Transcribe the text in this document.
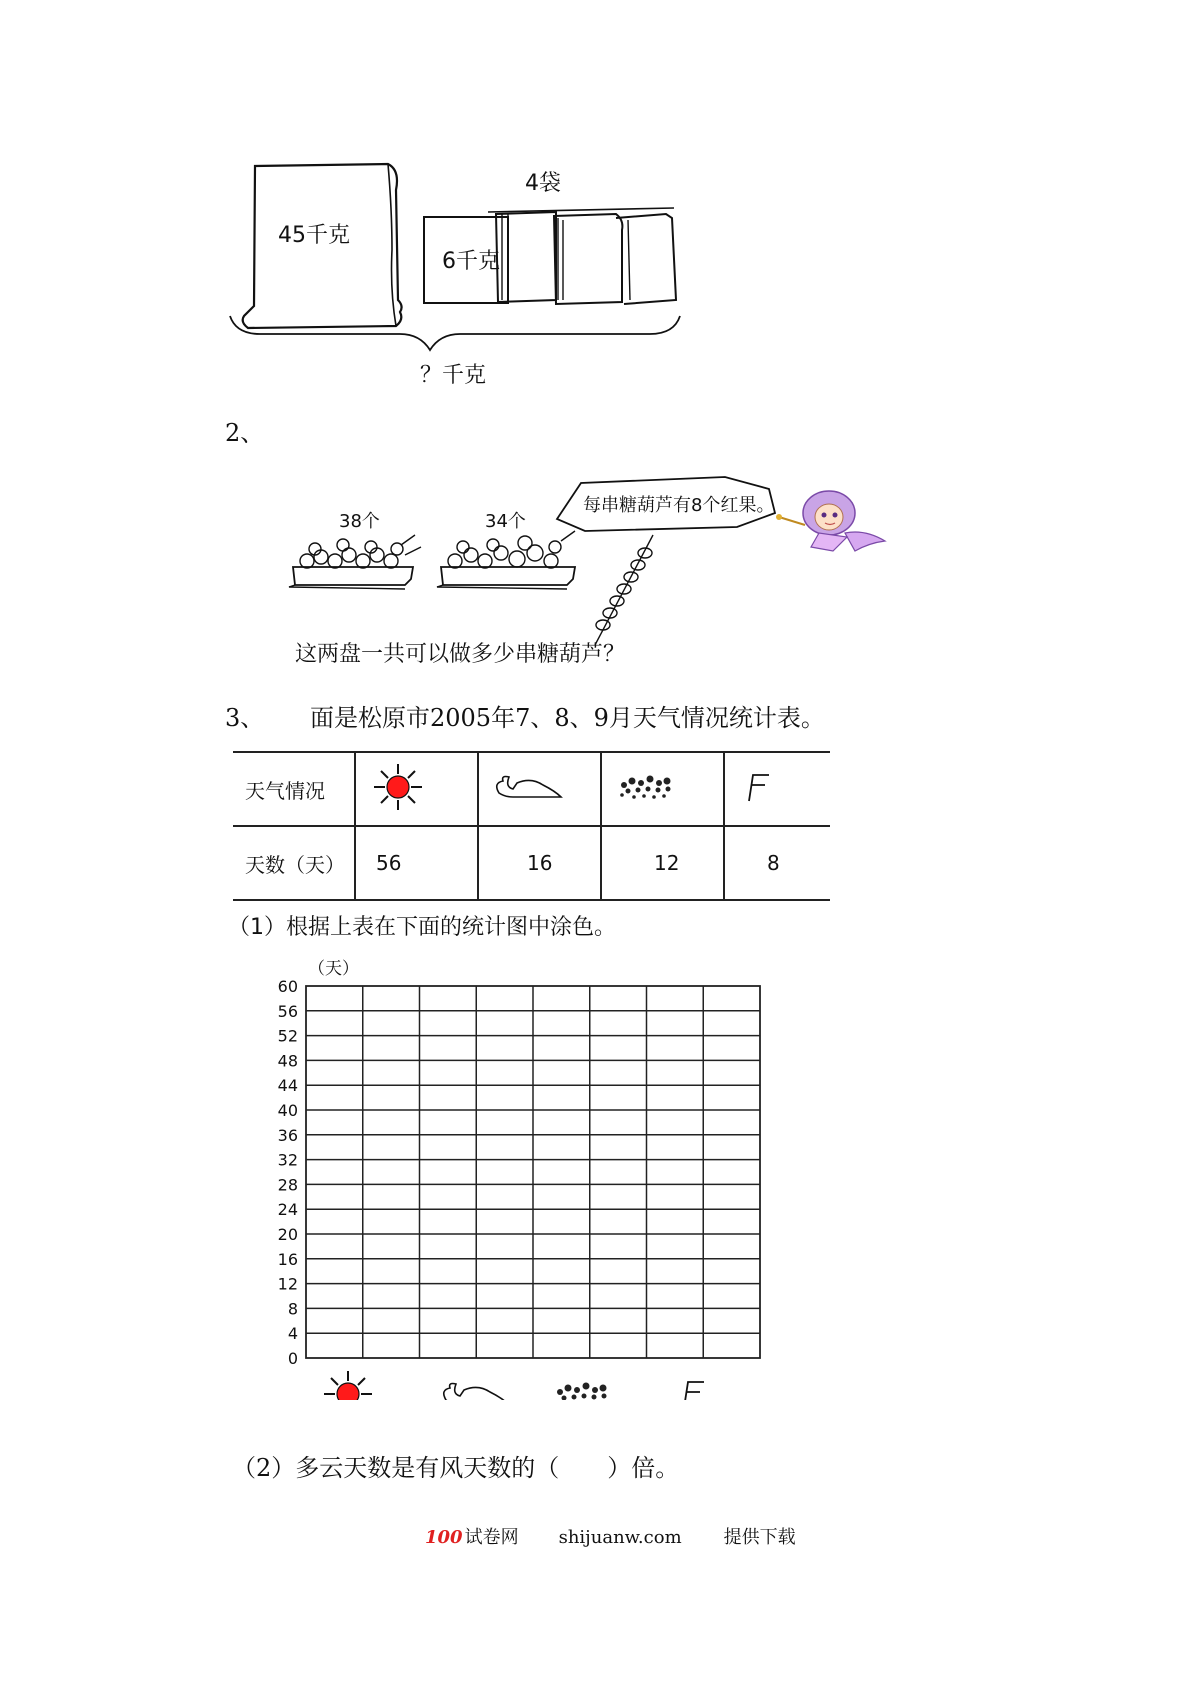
45千克
4袋
6千克
？千克
2、
38个	34个
每串糖葫芦有8个红果。
这两盘一共可以做多少串糖葫芦？
3、 面是松原市2005年7、8、9月天气情况统计表。
天气情况				
天数（天）	56	16	12	8
（1）根据上表在下面的统计图中涂色。
0
4
8
12
16
20
24
28
32
36
40
44
48
52
56
60
（天）
（2）多云天数是有风天数的（　　）倍。
100 试卷网 shijuanw.com 提供下载
